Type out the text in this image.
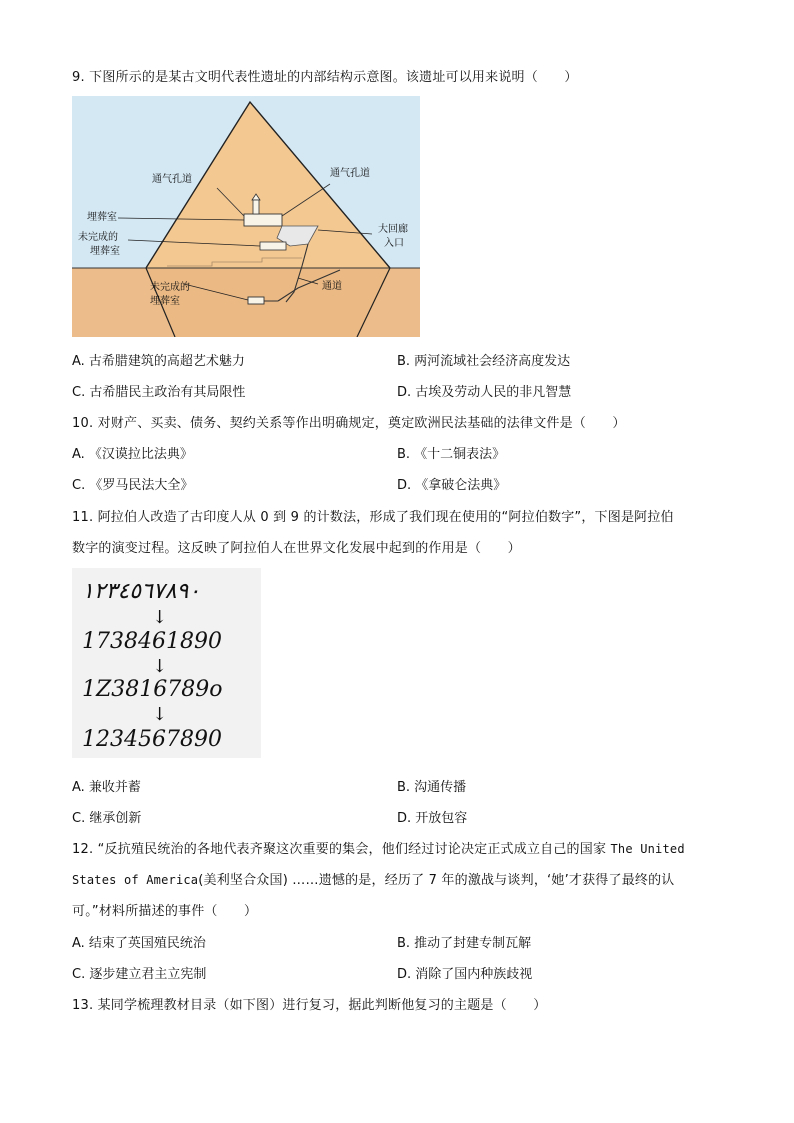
9. 下图所示的是某古文明代表性遗址的内部结构示意图。该遗址可以用来说明（　　）
通气孔道
通气孔道
埋葬室
未完成的
埋葬室
大回廊
入口
未完成的
埋葬室
通道
A. 古希腊建筑的高超艺术魅力	B. 两河流域社会经济高度发达
C. 古希腊民主政治有其局限性	D. 古埃及劳动人民的非凡智慧
10. 对财产、买卖、债务、契约关系等作出明确规定，奠定欧洲民法基础的法律文件是（　　）
A. 《汉谟拉比法典》	B. 《十二铜表法》
C. 《罗马民法大全》	D. 《拿破仑法典》
11. 阿拉伯人改造了古印度人从 0 到 9 的计数法，形成了我们现在使用的“阿拉伯数字”，下图是阿拉伯
数字的演变过程。这反映了阿拉伯人在世界文化发展中起到的作用是（　　）
١٢٣٤٥٦٧٨٩٠
↓
1738461890
↓
1Z3816789o
↓
1234567890
A. 兼收并蓄	B. 沟通传播
C. 继承创新	D. 开放包容
12. “反抗殖民统治的各地代表齐聚这次重要的集会，他们经过讨论决定正式成立自己的国家 The United
States of America(美利坚合众国) ……遗憾的是，经历了 7 年的激战与谈判，‘她’才获得了最终的认
可。”材料所描述的事件（　　）
A. 结束了英国殖民统治	B. 推动了封建专制瓦解
C. 逐步建立君主立宪制	D. 消除了国内种族歧视
13. 某同学梳理教材目录（如下图）进行复习，据此判断他复习的主题是（　　）
